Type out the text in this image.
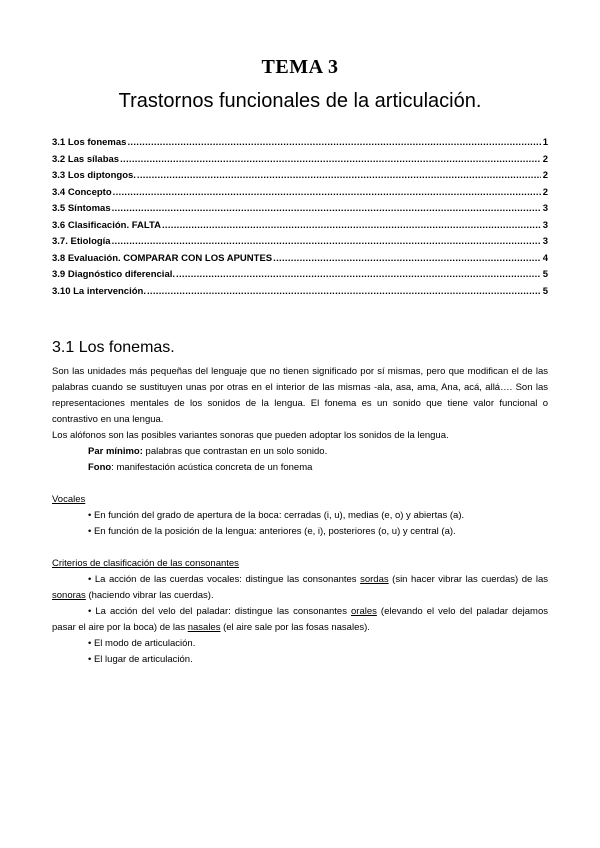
TEMA 3
Trastornos funcionales de la articulación.
3.1 Los fonemas .....	1
3.2 Las sílabas .....	2
3.3 Los diptongos. .....	2
3.4 Concepto .....	2
3.5 Síntomas .....	3
3.6 Clasificación. FALTA .....	3
3.7. Etiología .....	3
3.8 Evaluación. COMPARAR CON LOS APUNTES .....	4
3.9 Diagnóstico diferencial. .....	5
3.10 La intervención. .....	5
3.1 Los fonemas.
Son las unidades más pequeñas del lenguaje que no tienen significado por sí mismas, pero que modifican el de las palabras cuando se sustituyen unas por otras en el interior de las mismas -ala, asa, ama, Ana, acá, allá…. Son las representaciones mentales de los sonidos de la lengua. El fonema es un sonido que tiene valor funcional o contrastivo en una lengua.
Los alófonos son las posibles variantes sonoras que pueden adoptar los sonidos de la lengua.
Par mínimo: palabras que contrastan en un solo sonido.
Fono: manifestación acústica concreta de un fonema
Vocales
• En función del grado de apertura de la boca: cerradas (i, u), medias (e, o) y abiertas (a).
• En función de la posición de la lengua: anteriores (e, i), posteriores (o, u) y central (a).
Criterios de clasificación de las consonantes
• La acción de las cuerdas vocales: distingue las consonantes sordas (sin hacer vibrar las cuerdas) de las sonoras (haciendo vibrar las cuerdas).
• La acción del velo del paladar: distingue las consonantes orales (elevando el velo del paladar dejamos pasar el aire por la boca) de las nasales (el aire sale por las fosas nasales).
• El modo de articulación.
• El lugar de articulación.
